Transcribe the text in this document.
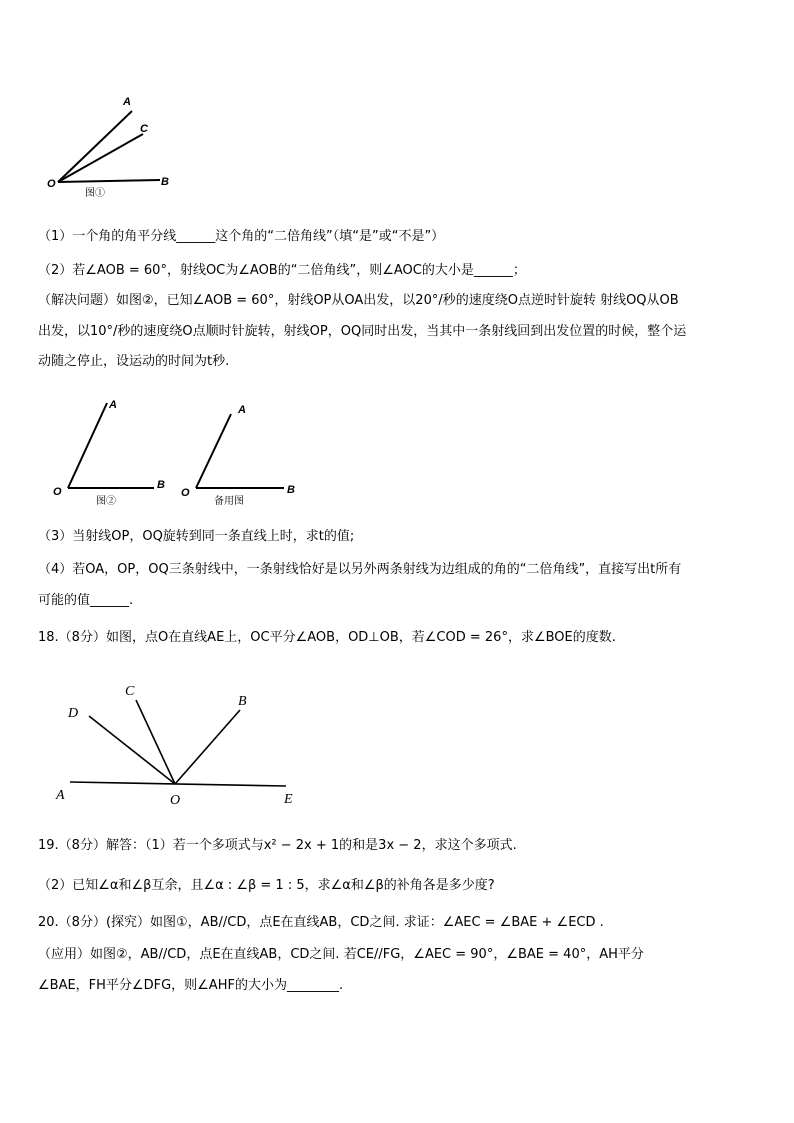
A
C
O	B
图①
（1）一个角的角平分线______这个角的“二倍角线”（填“是”或“不是”）
（2）若∠AOB = 60°，射线OC为∠AOB的“二倍角线”，则∠AOC的大小是______；
（解决问题）如图②，已知∠AOB = 60°，射线OP从OA出发，以20°/秒的速度绕O点逆时针旋转 射线OQ从OB
出发，以10°/秒的速度绕O点顺时针旋转，射线OP，OQ同时出发，当其中一条射线回到出发位置的时候，整个运
动随之停止，设运动的时间为t秒.
A
O
B
图②
A
O	B
备用图
（3）当射线OP，OQ旋转到同一条直线上时，求t的值;
（4）若OA，OP，OQ三条射线中，一条射线恰好是以另外两条射线为边组成的角的“二倍角线”，直接写出t所有
可能的值______.
18.（8分）如图，点O在直线AE上，OC平分∠AOB，OD⊥OB，若∠COD = 26°，求∠BOE的度数.
C
D
B
A	O	E
19.（8分）解答：（1）若一个多项式与x² − 2x + 1的和是3x − 2，求这个多项式.
（2）已知∠α和∠β互余，且∠α : ∠β = 1 : 5，求∠α和∠β的补角各是多少度?
20.（8分）(探究）如图①，AB//CD，点E在直线AB，CD之间. 求证：∠AEC = ∠BAE + ∠ECD .
（应用）如图②，AB//CD，点E在直线AB，CD之间. 若CE//FG，∠AEC = 90°，∠BAE = 40°，AH平分
∠BAE，FH平分∠DFG，则∠AHF的大小为________.
